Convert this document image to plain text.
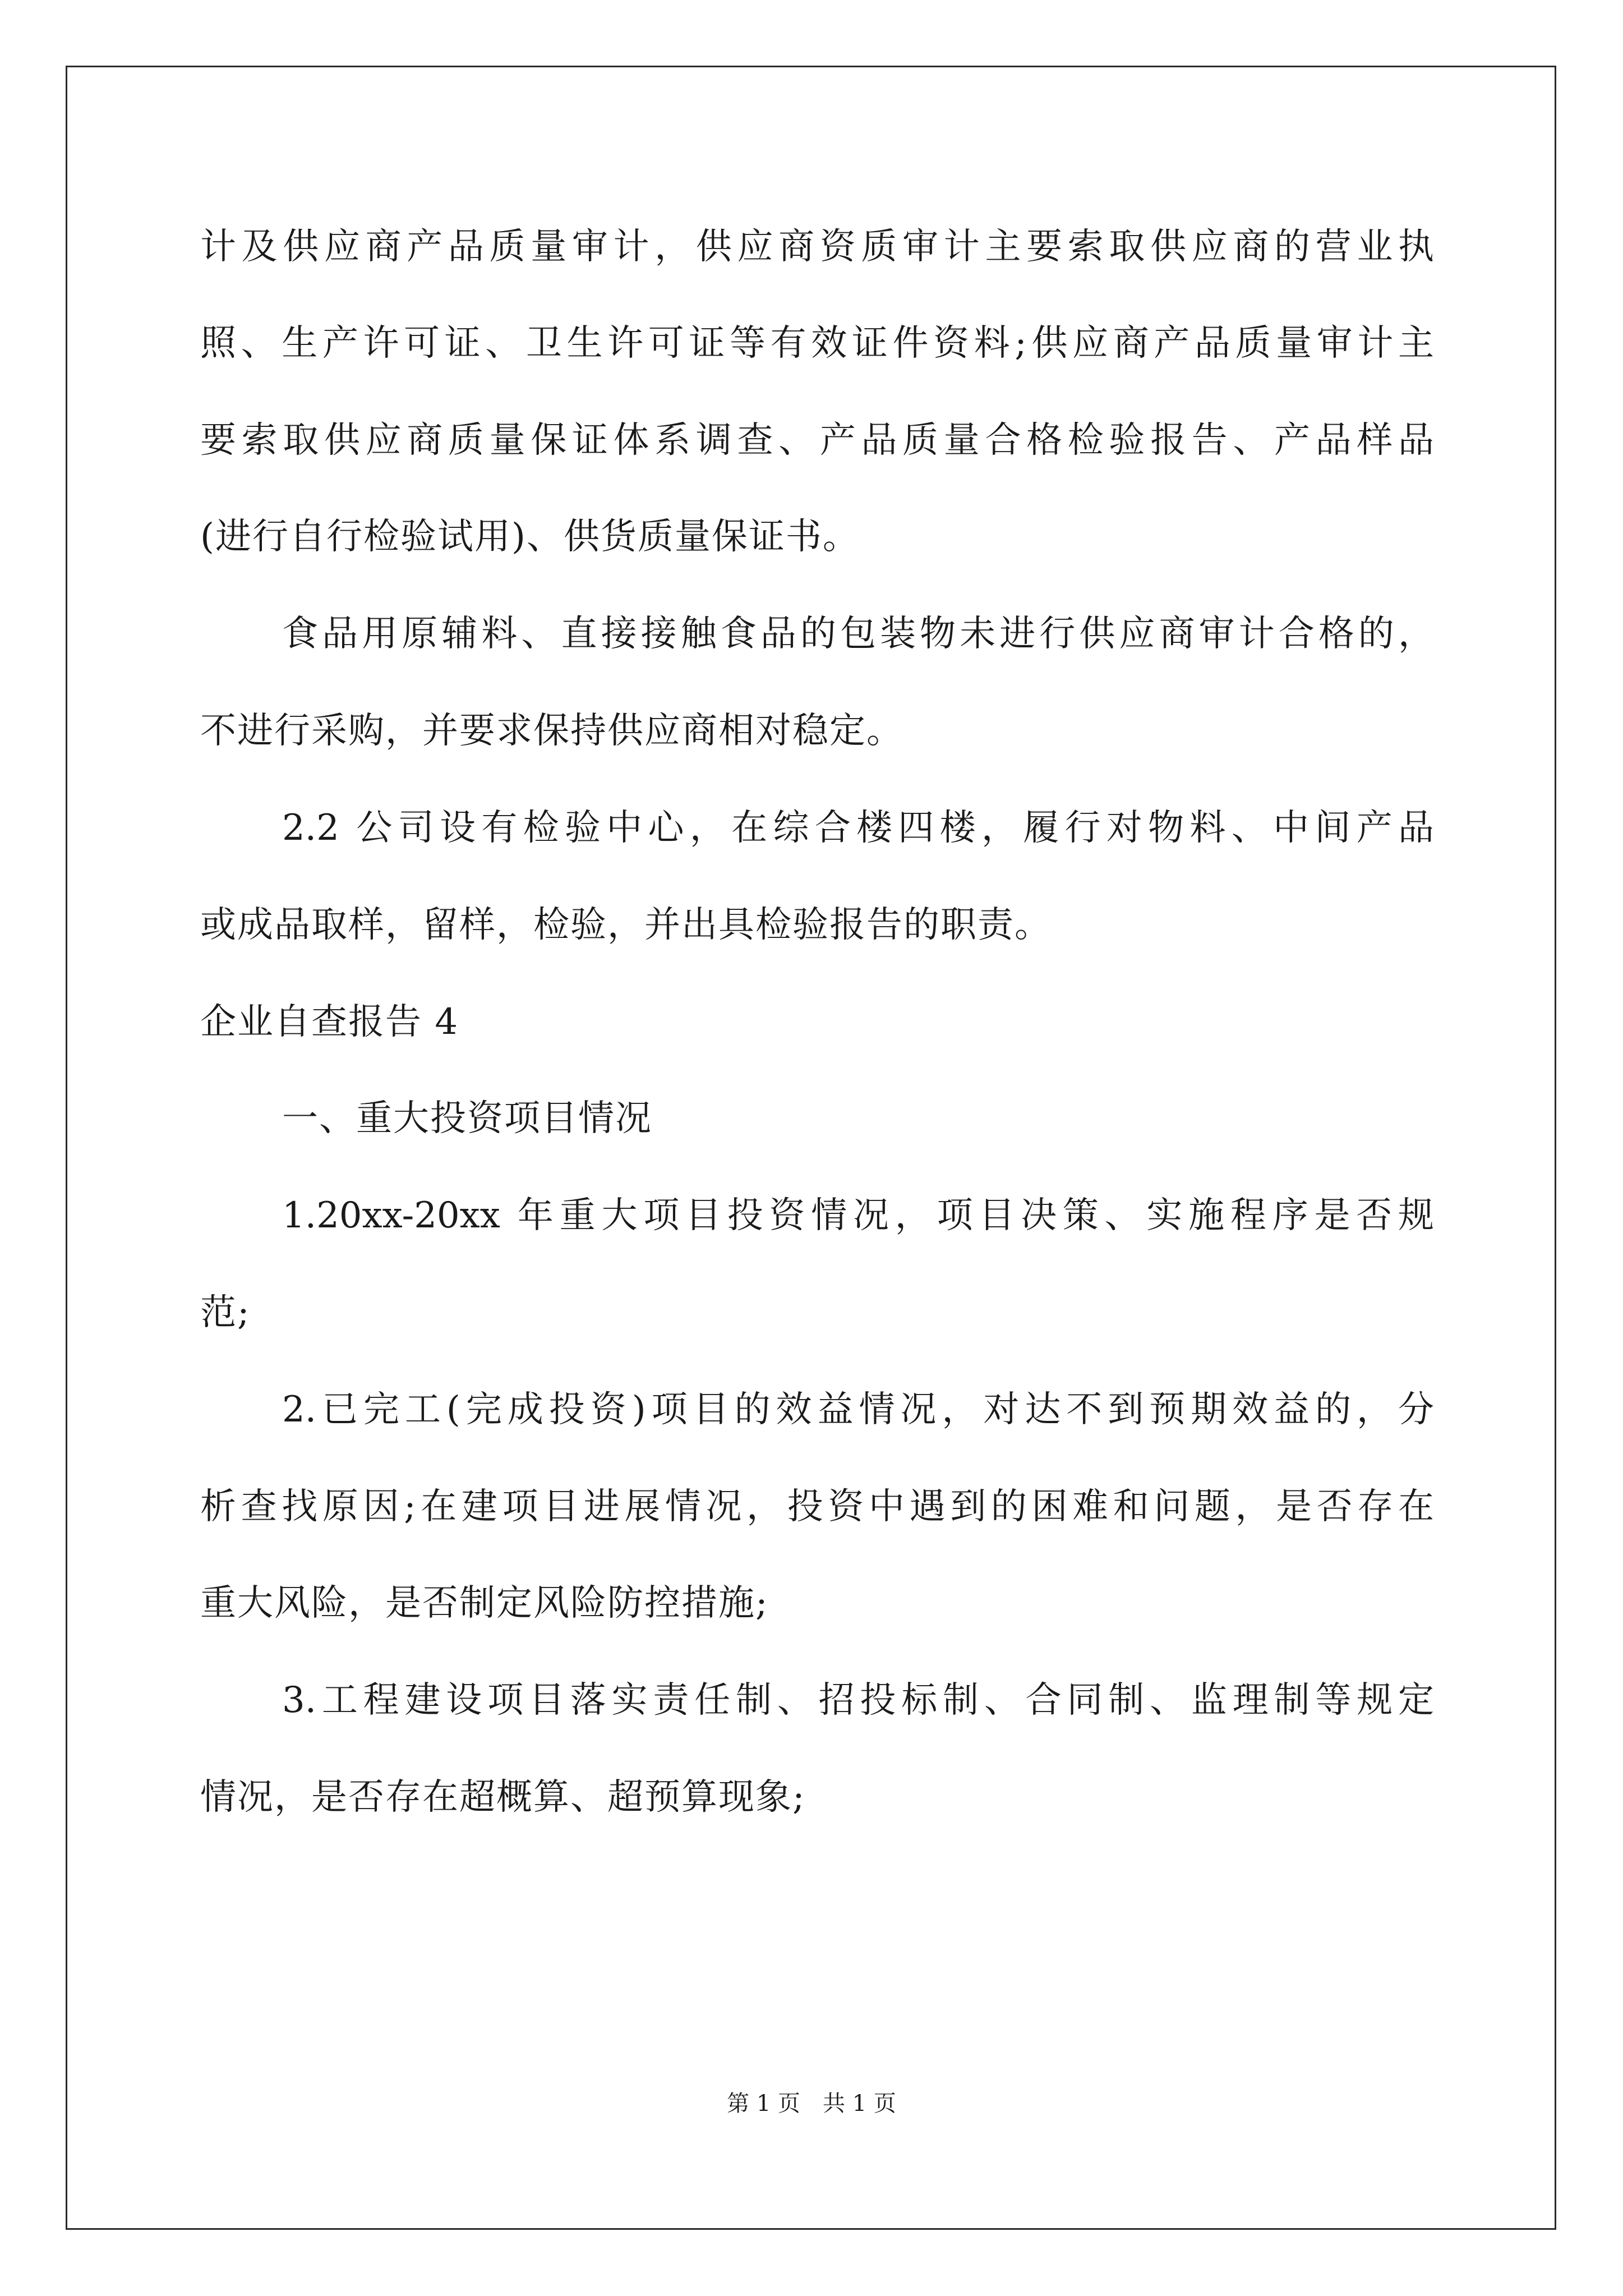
计及供应商产品质量审计，供应商资质审计主要索取供应商的营业执
照、生产许可证、卫生许可证等有效证件资料;供应商产品质量审计主
要索取供应商质量保证体系调查、产品质量合格检验报告、产品样品
(进行自行检验试用)、供货质量保证书。
食品用原辅料、直接接触食品的包装物未进行供应商审计合格的，
不进行采购，并要求保持供应商相对稳定。
2.2 公司设有检验中心，在综合楼四楼，履行对物料、中间产品
或成品取样，留样，检验，并出具检验报告的职责。
企业自查报告 4
一、重大投资项目情况
1.20xx-20xx 年重大项目投资情况，项目决策、实施程序是否规
范;
2.已完工(完成投资)项目的效益情况，对达不到预期效益的，分
析查找原因;在建项目进展情况，投资中遇到的困难和问题，是否存在
重大风险，是否制定风险防控措施;
3.工程建设项目落实责任制、招投标制、合同制、监理制等规定
情况，是否存在超概算、超预算现象;
第 1 页　共 1 页
